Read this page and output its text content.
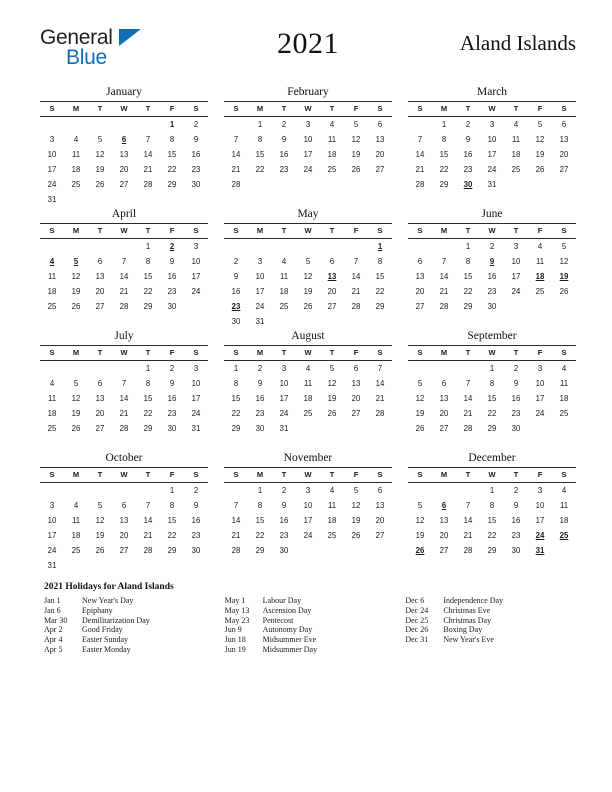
General
Blue	2021	Aland Islands
January
S	M	T	W	T	F	S
					1	2
3	4	5	6	7	8	9
10	11	12	13	14	15	16
17	18	19	20	21	22	23
24	25	26	27	28	29	30
31						
February
S	M	T	W	T	F	S
	1	2	3	4	5	6
7	8	9	10	11	12	13
14	15	16	17	18	19	20
21	22	23	24	25	26	27
28						

March
S	M	T	W	T	F	S
	1	2	3	4	5	6
7	8	9	10	11	12	13
14	15	16	17	18	19	20
21	22	23	24	25	26	27
28	29	30	31			

April
S	M	T	W	T	F	S
				1	2	3
4	5	6	7	8	9	10
11	12	13	14	15	16	17
18	19	20	21	22	23	24
25	26	27	28	29	30	

May
S	M	T	W	T	F	S
						1
2	3	4	5	6	7	8
9	10	11	12	13	14	15
16	17	18	19	20	21	22
23	24	25	26	27	28	29
30	31					
June
S	M	T	W	T	F	S
		1	2	3	4	5
6	7	8	9	10	11	12
13	14	15	16	17	18	19
20	21	22	23	24	25	26
27	28	29	30			

July
S	M	T	W	T	F	S
				1	2	3
4	5	6	7	8	9	10
11	12	13	14	15	16	17
18	19	20	21	22	23	24
25	26	27	28	29	30	31

August
S	M	T	W	T	F	S
1	2	3	4	5	6	7
8	9	10	11	12	13	14
15	16	17	18	19	20	21
22	23	24	25	26	27	28
29	30	31				

September
S	M	T	W	T	F	S
			1	2	3	4
5	6	7	8	9	10	11
12	13	14	15	16	17	18
19	20	21	22	23	24	25
26	27	28	29	30		

October
S	M	T	W	T	F	S
					1	2
3	4	5	6	7	8	9
10	11	12	13	14	15	16
17	18	19	20	21	22	23
24	25	26	27	28	29	30
31						
November
S	M	T	W	T	F	S
	1	2	3	4	5	6
7	8	9	10	11	12	13
14	15	16	17	18	19	20
21	22	23	24	25	26	27
28	29	30				

December
S	M	T	W	T	F	S
			1	2	3	4
5	6	7	8	9	10	11
12	13	14	15	16	17	18
19	20	21	22	23	24	25
26	27	28	29	30	31	

2021 Holidays for Aland Islands
Jan 1	New Year's Day
Jan 6	Epiphany
Mar 30	Demilitarization Day
Apr 2	Good Friday
Apr 4	Easter Sunday
Apr 5	Easter Monday
May 1	Labour Day
May 13	Ascension Day
May 23	Pentecost
Jun 9	Autonomy Day
Jun 18	Midsummer Eve
Jun 19	Midsummer Day
Dec 6	Independence Day
Dec 24	Christmas Eve
Dec 25	Christmas Day
Dec 26	Boxing Day
Dec 31	New Year's Eve
